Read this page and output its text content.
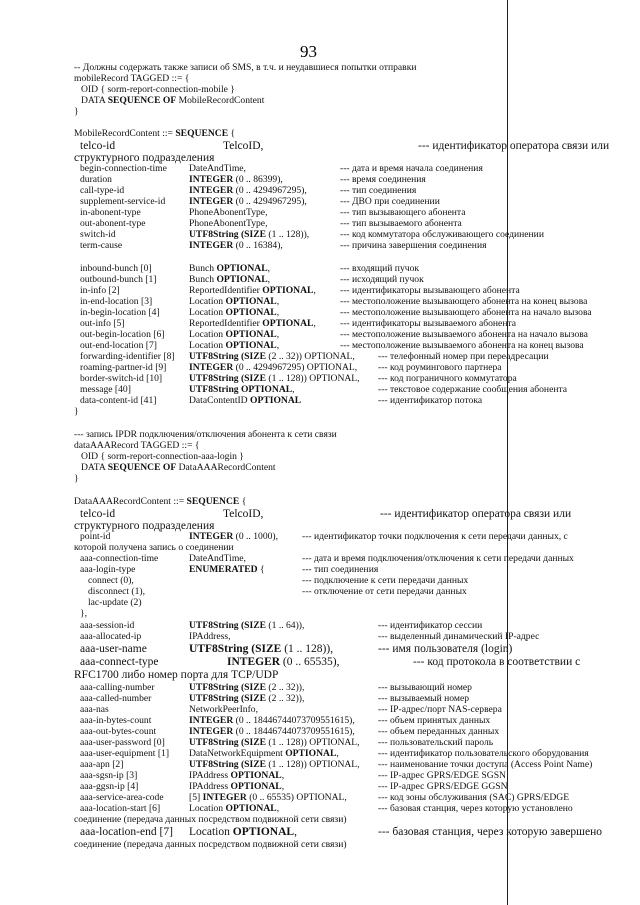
93
-- Должны содержать также записи об SMS, в т.ч. и неудавшиеся попытки отправки
mobileRecord TAGGED ::= {
OID { sorm-report-connection-mobile }
DATA SEQUENCE OF MobileRecordContent
}
MobileRecordContent ::= SEQUENCE {
telco-id	TelcoID,	--- идентификатор оператора связи или
структурного подразделения
begin-connection-time DateAndTime,	--- дата и время начала соединения
duration	INTEGER (0 .. 86399),	--- время соединения
call-type-id	INTEGER (0 .. 4294967295),	--- тип соединения
supplement-service-id INTEGER (0 .. 4294967295),	--- ДВО при соединении
in-abonent-type	PhoneAbonentType,	--- тип вызывающего абонента
out-abonent-type	PhoneAbonentType,	--- тип вызываемого абонента
switch-id	UTF8String (SIZE (1 .. 128)),	--- код коммутатора обслуживающего соединении
term-cause	INTEGER (0 .. 16384),	--- причина завершения соединения
inbound-bunch [0]	Bunch OPTIONAL,	--- входящий пучок
outbound-bunch [1]	Bunch OPTIONAL,	--- исходящий пучок
in-info [2]	ReportedIdentifier OPTIONAL,	--- идентификаторы вызывающего абонента
in-end-location [3]	Location OPTIONAL,	--- местоположение вызывающего абонента на конец вызова
in-begin-location [4]	Location OPTIONAL,	--- местоположение вызывающего абонента на начало вызова
out-info [5]	ReportedIdentifier OPTIONAL,	--- идентификаторы вызываемого абонента
out-begin-location [6]	Location OPTIONAL,	--- местоположение вызываемого абонента на начало вызова
out-end-location [7]	Location OPTIONAL,	--- местоположение вызываемого абонента на конец вызова
forwarding-identifier [8] UTF8String (SIZE (2 .. 32)) OPTIONAL, --- телефонный номер при переадресации
roaming-partner-id [9] INTEGER (0 .. 4294967295) OPTIONAL, --- код роумингового партнера
border-switch-id [10]	UTF8String (SIZE (1 .. 128)) OPTIONAL, --- код пограничного коммутатора
message [40]	UTF8String OPTIONAL,	--- текстовое содержание сообщения абонента
data-content-id [41]	DataContentID OPTIONAL	--- идентификатор потока
}
--- запись IPDR подключения/отключения абонента к сети связи
dataAAARecord TAGGED ::= {
OID { sorm-report-connection-aaa-login }
DATA SEQUENCE OF DataAAARecordContent
}
DataAAARecordContent ::= SEQUENCE {
telco-id	TelcoID,	--- идентификатор оператора связи или
структурного подразделения
point-id	INTEGER (0 .. 1000), --- идентификатор точки подключения к сети передачи данных, с
которой получена запись о соединении
aaa-connection-time	DateAndTime,	--- дата и время подключения/отключения к сети передачи данных
aaa-login-type	ENUMERATED {	--- тип соединения
connect (0),	--- подключение к сети передачи данных
disconnect (1),	--- отключение от сети передачи данных
lac-update (2)
},
aaa-session-id	UTF8String (SIZE (1 .. 64)),	--- идентификатор сессии
aaa-allocated-ip	IPAddress,	--- выделенный динамический IP-адрес
aaa-user-name	UTF8String (SIZE (1 .. 128)),	--- имя пользователя (login)
aaa-connect-type	INTEGER (0 .. 65535),	--- код протокола в соответствии с
RFC1700 либо номер порта для TCP/UDP
aaa-calling-number	UTF8String (SIZE (2 .. 32)),	--- вызывающий номер
aaa-called-number	UTF8String (SIZE (2 .. 32)),	--- вызываемый номер
aaa-nas	NetworkPeerInfo,	--- IP-адрес/порт NAS-сервера
aaa-in-bytes-count	INTEGER (0 .. 18446744073709551615), --- объем принятых данных
aaa-out-bytes-count	INTEGER (0 .. 18446744073709551615), --- объем переданных данных
aaa-user-password [0]	UTF8String (SIZE (1 .. 128)) OPTIONAL, --- пользовательский пароль
aaa-user-equipment [1] DataNetworkEquipment OPTIONAL,	--- идентификатор пользовательского оборудования
aaa-apn [2]	UTF8String (SIZE (1 .. 128)) OPTIONAL, --- наименование точки доступа (Access Point Name)
aaa-sgsn-ip [3]	IPAddress OPTIONAL,	--- IP-адрес GPRS/EDGE SGSN
aaa-ggsn-ip [4]	IPAddress OPTIONAL,	--- IP-адрес GPRS/EDGE GGSN
aaa-service-area-code	[5] INTEGER (0 .. 65535) OPTIONAL,	--- код зоны обслуживания (SAC) GPRS/EDGE
aaa-location-start [6]	Location OPTIONAL,	--- базовая станция, через которую установлено
соединение (передача данных посредством подвижной сети связи)
aaa-location-end [7] Location OPTIONAL,	--- базовая станция, через которую завершено
соединение (передача данных посредством подвижной сети связи)
